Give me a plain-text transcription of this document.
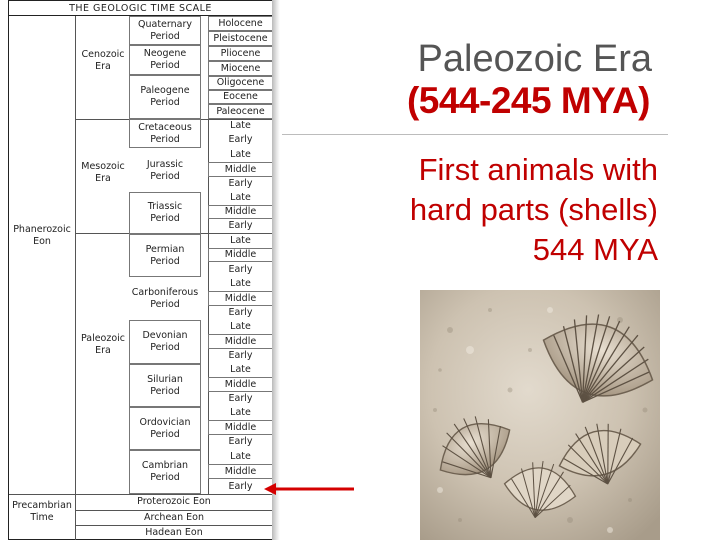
THE GEOLOGIC TIME SCALE
Phanerozoic Eon
Precambrian Time
Cenozoic Era
Mesozoic Era
Paleozoic Era
Proterozoic Eon
Archean Eon
Hadean Eon
Quaternary Period
Neogene Period
Paleogene Period
Cretaceous Period
Jurassic Period
Triassic Period
Permian Period
Carboniferous Period
Devonian Period
Silurian Period
Ordovician Period
Cambrian Period
Holocene
Pleistocene
Pliocene
Miocene
Oligocene
Eocene
Paleocene
Late
Early
Late
Middle
Early
Late
Middle
Early
Late
Middle
Early
Late
Middle
Early
Late
Middle
Early
Late
Middle
Early
Late
Middle
Early
Late
Middle
Early
Paleozoic Era
(544-245 MYA)
First animals with
hard parts (shells)
544 MYA
